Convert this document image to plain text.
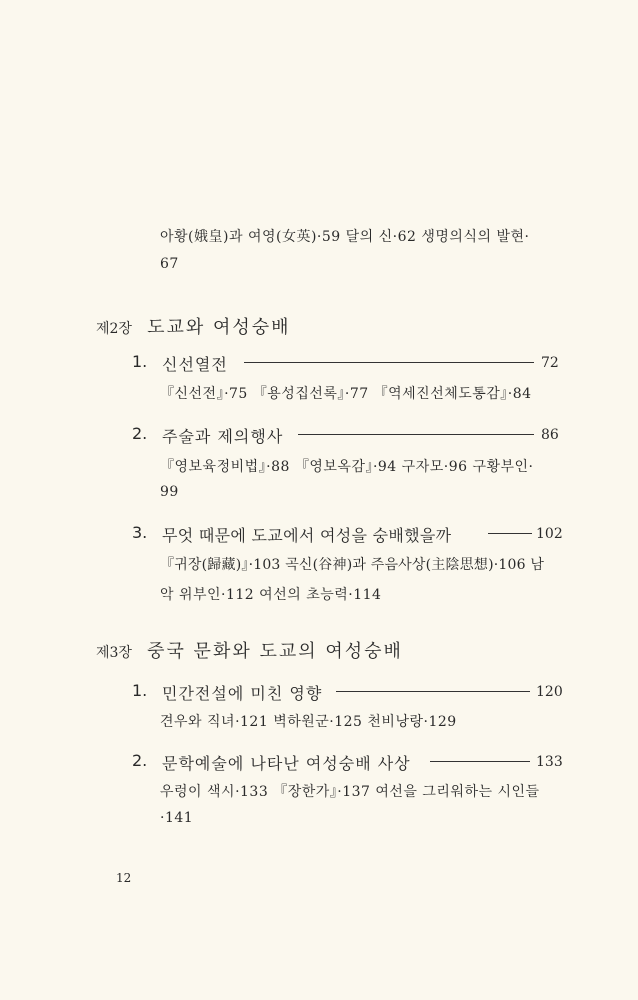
아황(娥皇)과 여영(女英)·59 달의 신·62 생명의식의 발현·
67
제2장 도교와 여성숭배
1. 신선열전	72
『신선전』·75 『용성집선록』·77 『역세진선체도통감』·84
2. 주술과 제의행사	86
『영보육정비법』·88 『영보옥감』·94 구자모·96 구황부인·
99
3. 무엇 때문에 도교에서 여성을 숭배했을까	102
『귀장(歸藏)』·103 곡신(谷神)과 주음사상(主陰思想)·106 남
악 위부인·112 여선의 초능력·114
제3장 중국 문화와 도교의 여성숭배
1. 민간전설에 미친 영향	120
견우와 직녀·121 벽하원군·125 천비낭랑·129
2. 문학예술에 나타난 여성숭배 사상	133
우렁이 색시·133 『장한가』·137 여선을 그리워하는 시인들
·141
12
